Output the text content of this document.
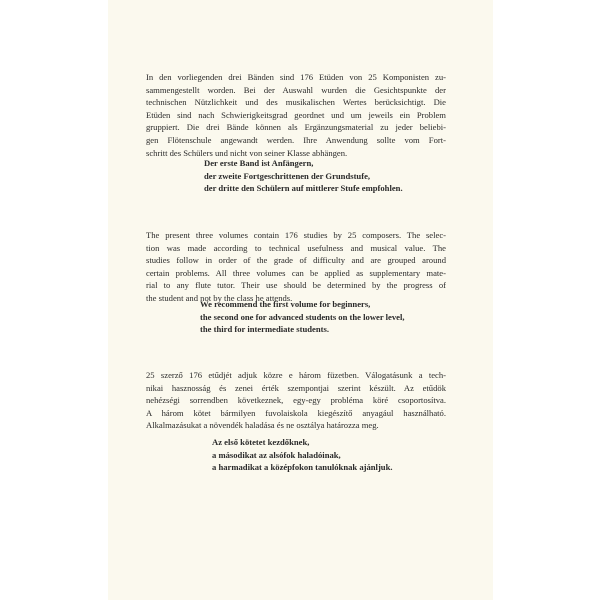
In den vorliegenden drei Bänden sind 176 Etüden von 25 Komponisten zu-
sammengestellt worden. Bei der Auswahl wurden die Gesichtspunkte der
technischen Nützlichkeit und des musikalischen Wertes berücksichtigt. Die
Etüden sind nach Schwierigkeitsgrad geordnet und um jeweils ein Problem
gruppiert. Die drei Bände können als Ergänzungsmaterial zu jeder beliebi-
gen Flötenschule angewandt werden. Ihre Anwendung sollte vom Fort-
schritt des Schülers und nicht von seiner Klasse abhängen.
Der erste Band ist Anfängern,
der zweite Fortgeschrittenen der Grundstufe,
der dritte den Schülern auf mittlerer Stufe empfohlen.
The present three volumes contain 176 studies by 25 composers. The selec-
tion was made according to technical usefulness and musical value. The
studies follow in order of the grade of difficulty and are grouped around
certain problems. All three volumes can be applied as supplementary mate-
rial to any flute tutor. Their use should be determined by the progress of
the student and not by the class he attends.
We recommend the first volume for beginners,
the second one for advanced students on the lower level,
the third for intermediate students.
25 szerző 176 etűdjét adjuk közre e három füzetben. Válogatásunk a tech-
nikai hasznosság és zenei érték szempontjai szerint készült. Az etűdök
nehézségi sorrendben következnek, egy-egy probléma köré csoportosítva.
A három kötet bármilyen fuvolaiskola kiegészítő anyagául használható.
Alkalmazásukat a növendék haladása és ne osztálya határozza meg.
Az első kötetet kezdőknek,
a másodikat az alsófok haladóinak,
a harmadikat a középfokon tanulóknak ajánljuk.
